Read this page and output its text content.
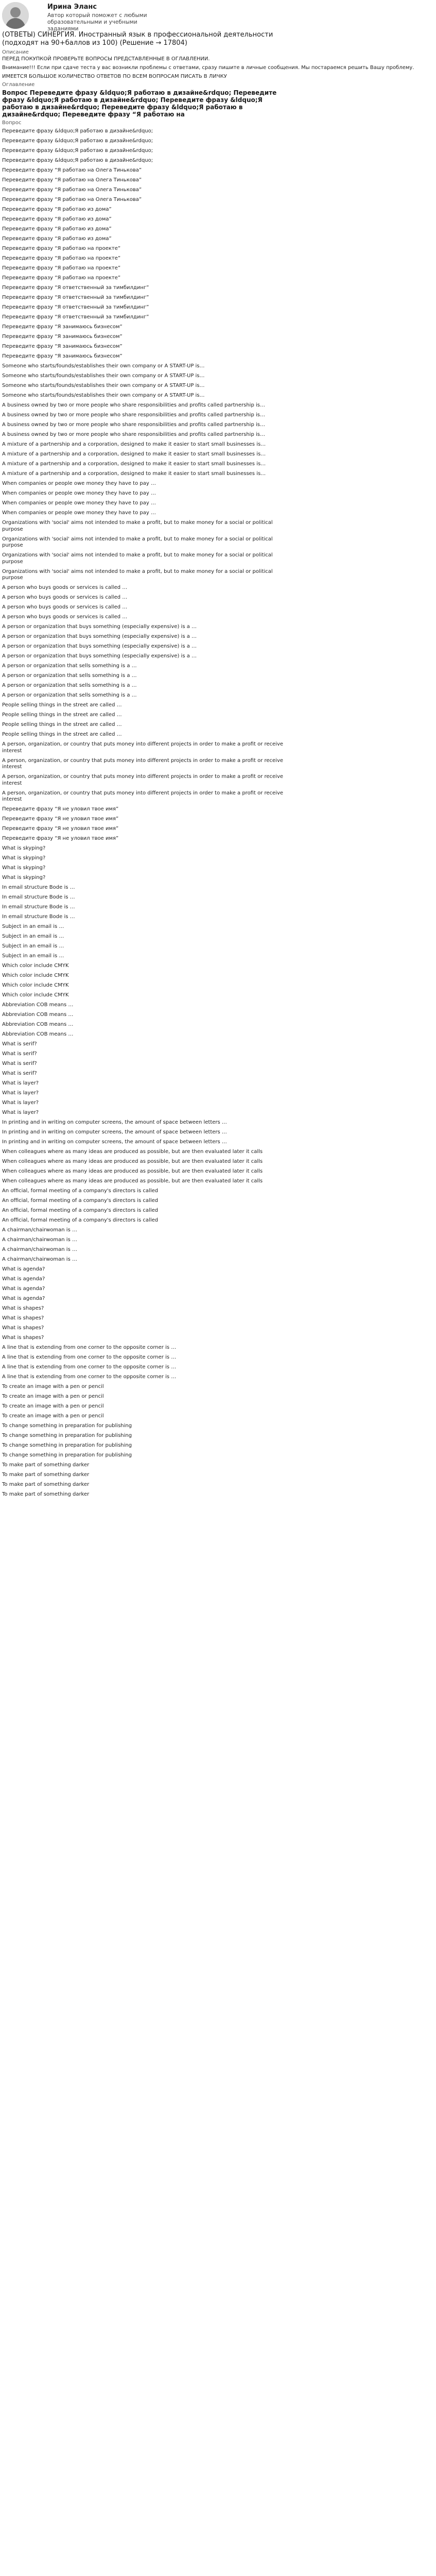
Ирина Эланс
Автор который поможет с любыми образовательными и учебными заданиями
(ОТВЕТЫ) СИНЕРГИЯ. Иностранный язык в профессиональной деятельности (подходят на 90+баллов из 100) (Решение → 17804)
Описание

ПЕРЕД ПОКУПКОЙ ПРОВЕРЬТЕ ВОПРОСЫ ПРЕДСТАВЛЕННЫЕ В ОГЛАВЛЕНИИ.

Внимание!!! Если при сдаче теста у вас возникли проблемы с ответами, сразу пишите в личные сообщения. Мы постараемся решить Вашу проблему.

ИМЕЕТСЯ БОЛЬШОЕ КОЛИЧЕСТВО ОТВЕТОВ ПО ВСЕМ ВОПРОСАМ ПИСАТЬ В ЛИЧКУ

Оглавление
Вопрос Переведите фразу &ldquo;Я работаю в дизайне&rdquo; Переведите фразу &ldquo;Я работаю в дизайне&rdquo; Переведите фразу &ldquo;Я работаю в дизайне&rdquo; Переведите фразу &ldquo;Я работаю в дизайне&rdquo; Переведите фразу “Я работаю на
Вопрос
Переведите фразу &ldquo;Я работаю в дизайне&rdquo;
Переведите фразу &ldquo;Я работаю в дизайне&rdquo;
Переведите фразу &ldquo;Я работаю в дизайне&rdquo;
Переведите фразу &ldquo;Я работаю в дизайне&rdquo;
Переведите фразу “Я работаю на Олега Тинькова”
Переведите фразу “Я работаю на Олега Тинькова”
Переведите фразу “Я работаю на Олега Тинькова”
Переведите фразу “Я работаю на Олега Тинькова”
Переведите фразу “Я работаю из дома”
Переведите фразу “Я работаю из дома”
Переведите фразу “Я работаю из дома”
Переведите фразу “Я работаю из дома”
Переведите фразу “Я работаю на проекте”
Переведите фразу “Я работаю на проекте”
Переведите фразу “Я работаю на проекте”
Переведите фразу “Я работаю на проекте”
Переведите фразу “Я ответственный за тимбилдинг”
Переведите фразу “Я ответственный за тимбилдинг”
Переведите фразу “Я ответственный за тимбилдинг”
Переведите фразу “Я ответственный за тимбилдинг”
Переведите фразу “Я занимаюсь бизнесом”
Переведите фразу “Я занимаюсь бизнесом”
Переведите фразу “Я занимаюсь бизнесом”
Переведите фразу “Я занимаюсь бизнесом”
Someone who starts/founds/establishes their own company or A START-UP is…
Someone who starts/founds/establishes their own company or A START-UP is…
Someone who starts/founds/establishes their own company or A START-UP is…
Someone who starts/founds/establishes their own company or A START-UP is…
A business owned by two or more people who share responsibilities and profits called partnership is…
A business owned by two or more people who share responsibilities and profits called partnership is…
A business owned by two or more people who share responsibilities and profits called partnership is…
A business owned by two or more people who share responsibilities and profits called partnership is…
A mixture of a partnership and a corporation, designed to make it easier to start small businesses is…
A mixture of a partnership and a corporation, designed to make it easier to start small businesses is…
A mixture of a partnership and a corporation, designed to make it easier to start small businesses is…
A mixture of a partnership and a corporation, designed to make it easier to start small businesses is…
When companies or people owe money they have to pay …
When companies or people owe money they have to pay …
When companies or people owe money they have to pay …
When companies or people owe money they have to pay …
Organizations with 'social' aims not intended to make a profit, but to make money for a social or political purpose
Organizations with 'social' aims not intended to make a profit, but to make money for a social or political purpose
Organizations with 'social' aims not intended to make a profit, but to make money for a social or political purpose
Organizations with 'social' aims not intended to make a profit, but to make money for a social or political purpose
A person who buys goods or services is called …
A person who buys goods or services is called …
A person who buys goods or services is called …
A person who buys goods or services is called …
A person or organization that buys something (especially expensive) is a …
A person or organization that buys something (especially expensive) is a …
A person or organization that buys something (especially expensive) is a …
A person or organization that buys something (especially expensive) is a …
A person or organization that sells something is a …
A person or organization that sells something is a …
A person or organization that sells something is a …
A person or organization that sells something is a …
People selling things in the street are called …
People selling things in the street are called …
People selling things in the street are called …
People selling things in the street are called …
A person, organization, or country that puts money into different projects in order to make a profit or receive interest
A person, organization, or country that puts money into different projects in order to make a profit or receive interest
A person, organization, or country that puts money into different projects in order to make a profit or receive interest
A person, organization, or country that puts money into different projects in order to make a profit or receive interest
Переведите фразу “Я не уловил твое имя”
Переведите фразу “Я не уловил твое имя”
Переведите фразу “Я не уловил твое имя”
Переведите фразу “Я не уловил твое имя”
What is skyping?
What is skyping?
What is skyping?
What is skyping?
In email structure Bode is …
In email structure Bode is …
In email structure Bode is …
In email structure Bode is …
Subject in an email is …
Subject in an email is …
Subject in an email is …
Subject in an email is …
Which color include CMYK
Which color include CMYK
Which color include CMYK
Which color include CMYK
Abbreviation COB means …
Abbreviation COB means …
Abbreviation COB means …
Abbreviation COB means …
What is serif?
What is serif?
What is serif?
What is serif?
What is layer?
What is layer?
What is layer?
What is layer?
In printing and in writing on computer screens, the amount of space between letters …
In printing and in writing on computer screens, the amount of space between letters …
In printing and in writing on computer screens, the amount of space between letters …
When colleagues where as many ideas are produced as possible, but are then evaluated later it calls
When colleagues where as many ideas are produced as possible, but are then evaluated later it calls
When colleagues where as many ideas are produced as possible, but are then evaluated later it calls
When colleagues where as many ideas are produced as possible, but are then evaluated later it calls
An official, formal meeting of a company's directors is called
An official, formal meeting of a company's directors is called
An official, formal meeting of a company's directors is called
An official, formal meeting of a company's directors is called
A chairman/chairwoman is …
A chairman/chairwoman is …
A chairman/chairwoman is …
A chairman/chairwoman is …
What is agenda?
What is agenda?
What is agenda?
What is agenda?
What is shapes?
What is shapes?
What is shapes?
What is shapes?
A line that is extending from one corner to the opposite corner is …
A line that is extending from one corner to the opposite corner is …
A line that is extending from one corner to the opposite corner is …
A line that is extending from one corner to the opposite corner is …
To create an image with a pen or pencil
To create an image with a pen or pencil
To create an image with a pen or pencil
To create an image with a pen or pencil
To change something in preparation for publishing
To change something in preparation for publishing
To change something in preparation for publishing
To change something in preparation for publishing
To make part of something darker
To make part of something darker
To make part of something darker
To make part of something darker
